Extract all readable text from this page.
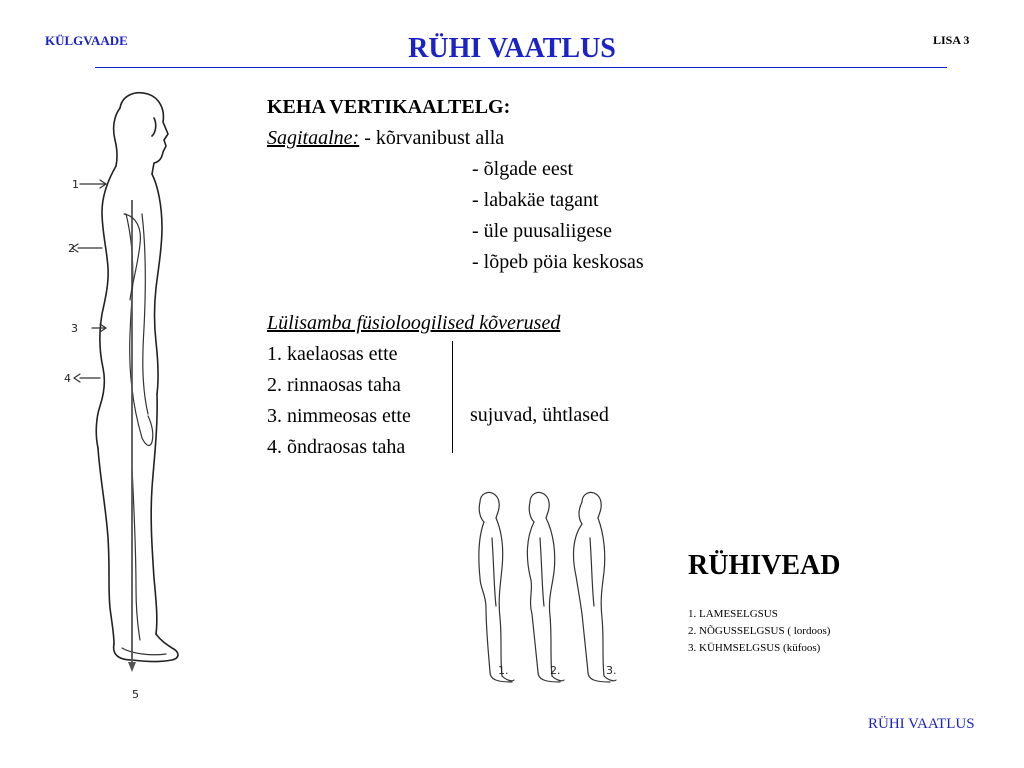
KÜLGVAADE	RÜHI VAATLUS	LISA 3
1
2
3
4
5
KEHA VERTIKAALTELG:
Sagitaalne: - kõrvanibust alla
- õlgade eest
- labakäe tagant
- üle puusaliigese
- lõpeb pöia keskosas
Lülisamba füsioloogilised kõverused
1. kaelaosas ette
2. rinnaosas taha
3. nimmeosas ette
4. õndraosas taha
sujuvad, ühtlased
1.	2.	3.
RÜHIVEAD
1. LAMESELGSUS
2. NÕGUSSELGSUS ( lordoos)
3. KÜHMSELGSUS (küfoos)
RÜHI VAATLUS
